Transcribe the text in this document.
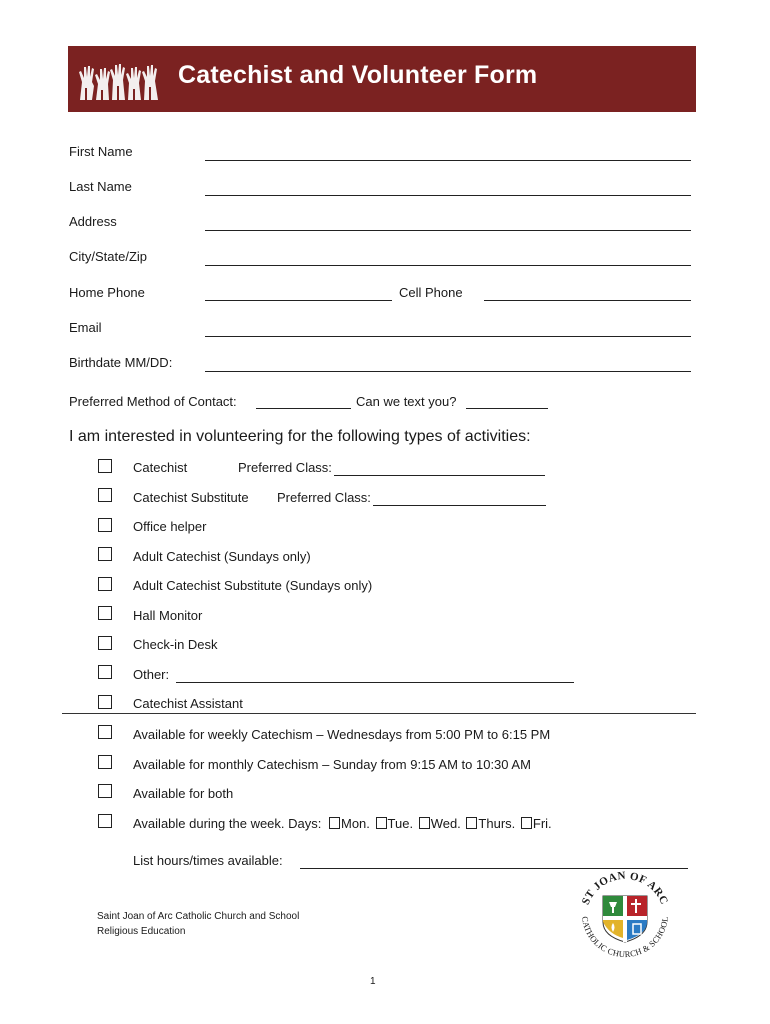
Catechist and Volunteer Form
First Name
Last Name
Address
City/State/Zip
Home Phone	Cell Phone
Email
Birthdate MM/DD:
Preferred Method of Contact:	Can we text you?
I am interested in volunteering for the following types of activities:
Catechist	Preferred Class:
Catechist Substitute Preferred Class:
Office helper
Adult Catechist (Sundays only)
Adult Catechist Substitute (Sundays only)
Hall Monitor
Check-in Desk
Other:
Catechist Assistant
Available for weekly Catechism – Wednesdays from 5:00 PM to 6:15 PM
Available for monthly Catechism – Sunday from 9:15 AM to 10:30 AM
Available for both
Available during the week. Days: Mon. Tue. Wed. Thurs. Fri.
List hours/times available:
Saint Joan of Arc Catholic Church and School
Religious Education
ST JOAN OF ARC
CATHOLIC CHURCH & SCHOOL
1
